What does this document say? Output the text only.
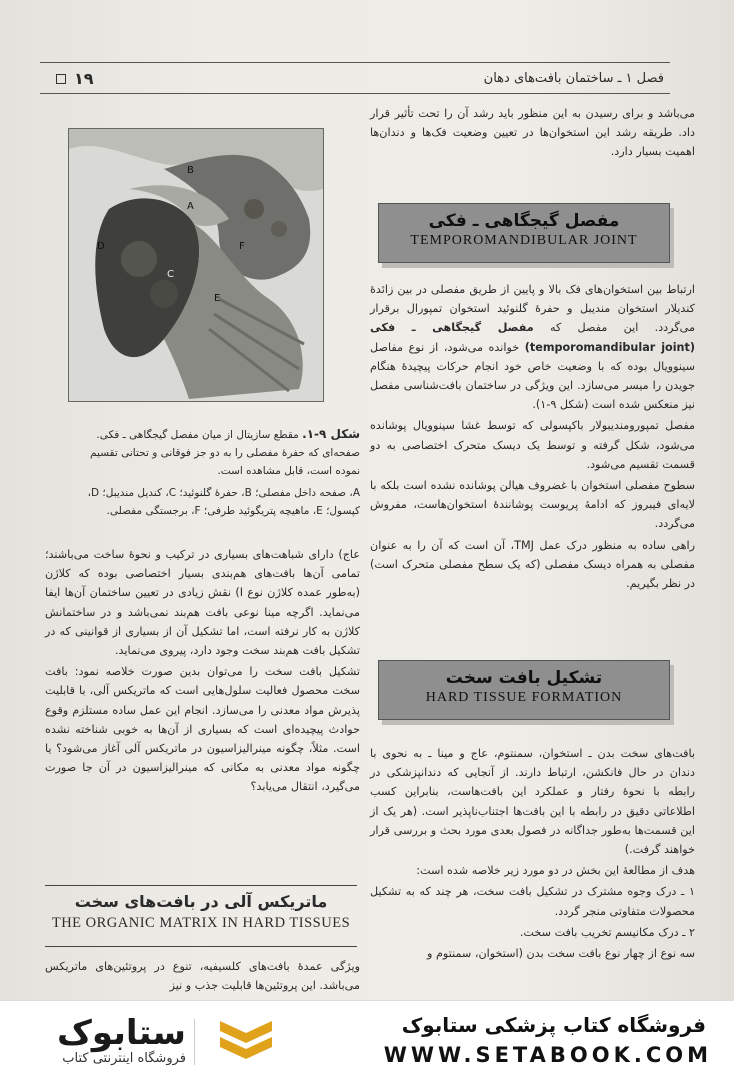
فصل ۱ ـ ساختمان بافت‌های دهان
۱۹
B
A
C
D
E
F

شکل ۹-۱. مقطع سازیتال از میان مفصل گیجگاهی ـ فکی. صفحه‌ای که حفرهٔ مفصلی را به دو جز فوقانی و تحتانی تقسیم نموده است، قابل مشاهده است.

A، صفحه داخل مفصلی؛ B، حفرهٔ گلنوئید؛ C، کندیل مندیبل؛ D، کپسول؛ E، ماهیچه پتریگوئید طرفی؛ F، برجستگی مفصلی.

می‌باشد و برای رسیدن به این منظور باید رشد آن را تحت تأثیر قرار داد. طریقه رشد این استخوان‌ها در تعیین وضعیت فک‌ها و دندان‌ها اهمیت بسیار دارد.

مفصل گیجگاهی ـ فکی
TEMPOROMANDIBULAR JOINT

ارتباط بین استخوان‌های فک بالا و پایین از طریق مفصلی در بین زائدهٔ کندیلار استخوان مندیبل و حفرهٔ گلنوئید استخوان تمپورال برقرار می‌گردد. این مفصل که مفصل گیجگاهی ـ فکی (temporomandibular joint) خوانده می‌شود، از نوع مفاصل سینوویال بوده که با وضعیت خاص خود انجام حرکات پیچیدهٔ هنگام جویدن را میسر می‌سازد. این ویژگی در ساختمان بافت‌شناسی مفصل نیز منعکس شده است (شکل ۹-۱).

مفصل تمپورومندیبولار باکپسولی که توسط غشا سینوویال پوشانده می‌شود، شکل گرفته و توسط یک دیسک متحرک اختصاصی به دو قسمت تقسیم می‌شود.

سطوح مفصلی استخوان با غضروف هیالن پوشانده نشده است بلکه با لایه‌ای فیبروز که ادامهٔ پریوست پوشانندهٔ استخوان‌هاست، مفروش می‌گردد.

راهی ساده به منظور درک عمل TMJ، آن است که آن را به عنوان مفصلی به همراه دیسک مفصلی (که یک سطح مفصلی متحرک است) در نظر بگیریم.

تشکیل بافت سخت
HARD TISSUE FORMATION

بافت‌های سخت بدن ـ استخوان، سمنتوم، عاج و مینا ـ به نحوی با دندان در حال فانکشن، ارتباط دارند. از آنجایی که دندانپزشکی در رابطه با نحوهٔ رفتار و عملکرد این بافت‌هاست، بنابراین کسب اطلاعاتی دقیق در رابطه با این بافت‌ها اجتناب‌ناپذیر است. (هر یک از این قسمت‌ها به‌طور جداگانه در فصول بعدی مورد بحث و بررسی قرار خواهند گرفت.)

هدف از مطالعهٔ این بخش در دو مورد زیر خلاصه شده است:

۱ ـ درک وجوه مشترک در تشکیل بافت سخت، هر چند که به تشکیل محصولات متفاوتی منجر گردد.

۲ ـ درک مکانیسم تخریب بافت سخت.

سه نوع از چهار نوع بافت سخت بدن (استخوان، سمنتوم و

عاج) دارای شباهت‌های بسیاری در ترکیب و نحوهٔ ساخت می‌باشند؛ تمامی آن‌ها بافت‌های هم‌بندی بسیار اختصاصی بوده که کلاژن (به‌طور عمده کلاژن نوع I) نقش زیادی در تعیین ساختمان آن‌ها ایفا می‌نماید. اگرچه مینا نوعی بافت هم‌بند نمی‌باشد و در ساختمانش کلاژن به کار نرفته است، اما تشکیل آن از بسیاری از قوانینی که در تشکیل بافت هم‌بند سخت وجود دارد، پیروی می‌نماید.

تشکیل بافت سخت را می‌توان بدین صورت خلاصه نمود: بافت سخت محصول فعالیت سلول‌هایی است که ماتریکس آلی، با قابلیت پذیرش مواد معدنی را می‌سازد. انجام این عمل ساده مستلزم وقوع حوادث پیچیده‌ای است که بسیاری از آن‌ها به خوبی شناخته نشده است. مثلاً، چگونه مینرالیزاسیون در ماتریکس آلی آغاز می‌شود؟ یا چگونه مواد معدنی به مکانی که مینرالیزاسیون در آن جا صورت می‌گیرد، انتقال می‌یابد؟

ماتریکس آلی در بافت‌های سخت
THE ORGANIC MATRIX IN HARD TISSUES

ویژگی عمدهٔ بافت‌های کلسیفیه، تنوع در پروتئین‌های ماتریکس می‌باشد. این پروتئین‌ها قابلیت جذب و نیز

ستابوک
فروشگاه اینترنتی کتاب
فروشگاه کتاب پزشکی ستابوک
WWW.SETABOOK.COM
